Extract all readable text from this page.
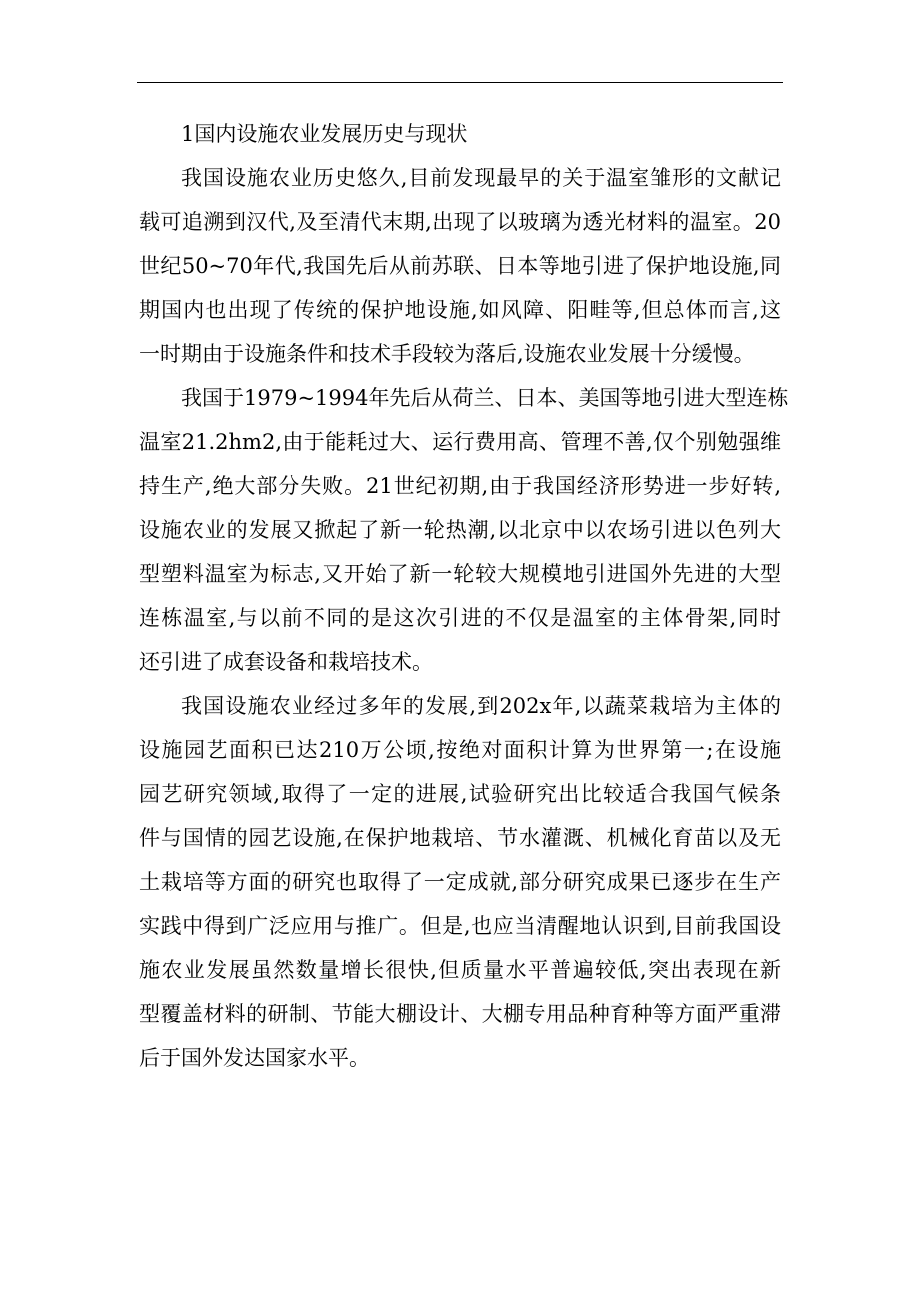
1国内设施农业发展历史与现状
我国设施农业历史悠久,目前发现最早的关于温室雏形的文献记
载可追溯到汉代,及至清代末期,出现了以玻璃为透光材料的温室。20
世纪50~70年代,我国先后从前苏联、日本等地引进了保护地设施,同
期国内也出现了传统的保护地设施,如风障、阳畦等,但总体而言,这
一时期由于设施条件和技术手段较为落后,设施农业发展十分缓慢。
我国于1979~1994年先后从荷兰、日本、美国等地引进大型连栋
温室21.2hm2,由于能耗过大、运行费用高、管理不善,仅个别勉强维
持生产,绝大部分失败。21世纪初期,由于我国经济形势进一步好转,
设施农业的发展又掀起了新一轮热潮,以北京中以农场引进以色列大
型塑料温室为标志,又开始了新一轮较大规模地引进国外先进的大型
连栋温室,与以前不同的是这次引进的不仅是温室的主体骨架,同时
还引进了成套设备和栽培技术。
我国设施农业经过多年的发展,到202x年,以蔬菜栽培为主体的
设施园艺面积已达210万公顷,按绝对面积计算为世界第一;在设施
园艺研究领域,取得了一定的进展,试验研究出比较适合我国气候条
件与国情的园艺设施,在保护地栽培、节水灌溉、机械化育苗以及无
土栽培等方面的研究也取得了一定成就,部分研究成果已逐步在生产
实践中得到广泛应用与推广。但是,也应当清醒地认识到,目前我国设
施农业发展虽然数量增长很快,但质量水平普遍较低,突出表现在新
型覆盖材料的研制、节能大棚设计、大棚专用品种育种等方面严重滞
后于国外发达国家水平。
